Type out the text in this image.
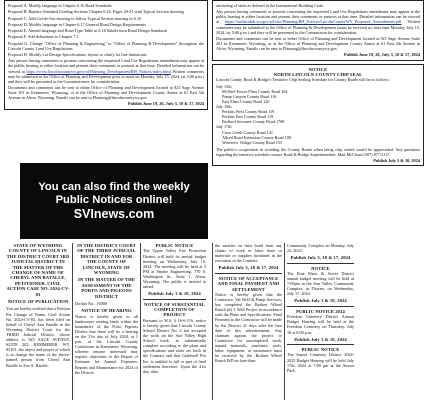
Proposal A. Modify language in Chapter 6.16 Road Standards

Proposal B. Replace Standard Grading Sections Chapter 6.16, Pages 20-21 with Typical Section drawing

Proposal C. Add Cul-de-Sac drawing to follow Typical Section drawing in 6.16

Proposal D. Modify language in Chapter 6.17 General Road Design Requirements

Proposal E. Amend language and Road Type Table in 6.18 Subdivision Road Design Standards

Proposal F. Add definitions to Chapter 7.1

Proposal G. Change "Office of Planning & Engineering" to "Office of Planning & Development" throughout the Lincoln County Land Use Regulations

Proposal H. Modify Lot Design Specifications, layout to clarify lot line limitations

Any person having comments or protests concerning the requested Land Use Regulations amendment may appear at the public hearing at either location and present their comments or protests at that time. Detailed information can be viewed at https://www.lincolncountywy.gov/rol/Planning_Development/RH_Notices/index.html Written comments may be submitted to the Office of Planning and Development prior to noon on Monday, July 15, 2024, (at 5:00 p.m.) and they will be presented to the Commissioners for consideration.

Documents and comments can be sent to either Office of Planning and Development located at 925 Sage Avenue Suite 201 in Kemmerer, Wyoming, or at the Office of Planning and Development County Annex at 61 East 5th Avenue in Afton, Wyoming. Emails can be sent to Planning@lincolncountywy.gov.

Publish June 19, 26, July 3, 10 & 17, 2024

anchoring of units as defined in the International Building Code.

Any person having comments or protests concerning the requested Land Use Regulations amendment may appear at the public hearing at either location and present their comments or protests at that time. Detailed information can be viewed at https://ioslincolnb.wy.gov/rol/site/Planning/RH_Notices/LincolnCountyWY_Proposed_Amendments.pdf Written comments may be submitted to the Office of Planning & Development (must be received no later than Monday, July 15, 2024, by 5:00 p.m.) and they will be presented to the Commission for consideration.

Documents and comments can be sent to either Office of Planning and Development located at 925 Sage Avenue Suite 201 in Kemmerer, Wyoming, or at the Office of Planning and Development County Annex at 61 East 5th Avenue in Afton, Wyoming. Emails can be sent to Planning@lincolncountywy.gov.

Publish June 19, 26, July 3, 10 & 17, 2024
NOTICE
NORTH LINCOLN COUNTY CHIP SEAL

Lincoln County Road & Bridge's Tentative Chip Sealing Schedule for County Roads will be as follows:

July 15th
McNeel Power Plant County Road 104
Pump Canyon County Road 116
East Elms County Road 120
July 16th
Perkins West County Road 119
Perkins East County Road 119
Bedford Sewanee County Road 1768
July 17th
Crow Creek County Road 141
Allred Road Extension County Road 108
Westview Village County Road 153

The public's cooperation in avoiding the County Roads when being chip sealed would be appreciated. Any questions regarding the tentative schedule contact Road & Bridge Superintendent, Matt McCloud (307) 877-2117.

Publish July 3 & 10, 2024
You can also find the weekly
Public Notices online!
SVInews.com
STATE OF WYOMING COUNTY OF LINCOLN IN THE DISTRICT COURT 3RD JUDICIAL DISTRICT IN THE MATTER OF THE CHANGE OF NAME OF CHERYL ANN BATALLE, PETITIONER. CIVIL ACTION CASE NO. 2024-CV-83
NOTICE OF PUBLICATION

You are hereby notified that a Petition For Change of Name, Civil Action No. 2024-CV-83, has been filed on behalf of Cheryl Ann Batalle in the Wyoming District Court for the THIRD Judicial District, whose address is 925 SAGE AVENUE, SUITE 202, KEMMERER, WY, 83101, the object and prayer of which is to change the name of the above-named person from Cheryl Ann Batalle to Zoe A. Batalle.

IN THE DISTRICT COURT OF THE THIRD JUDICIAL DISTRICT IN AND FOR THE COUNTY OF LINCOLN, STATE OF WYOMING
IN THE MATTER OF THE ASSESSMENT OF THE PORTO AND PIGEONS DISTRICT
Docket No.: 16008
NOTICE OF HEARING

Notice is hereby given to all landowners owning lands within the boundaries of the Porto Pigeons District that there will be a hearing on the 31st day of July 2024, at 1 p.m. at the Lincoln County Courthouse in Kemmerer, Wyoming, wherein anyone interested may register objections to the Report of Estimate for Annual Expenses, Repairs and Maintenance for 2024 of the District.

PUBLIC NOTICE

The Upper Valley Fire Protection District will hold its annual budget meeting on Wednesday, July 10, 2024. The meeting will be held at 5 PM at Smoke Engineering, 770 S. Washington St., Suite 1, Afton, Wyoming. The public is invited to attend.

Publish July 3 & 10, 2024
NOTICE OF SUBSTANTIAL COMPLETION OF PROJECT

Pursuant to W.S. § 16-6-116, notice is hereby given that Lincoln County School District No. 2 has accepted the work on the Star Valley High School track, as substantially complete according to the plans and specifications and rules set forth in the Contract and that Guildwell Pro Inc. is entitled to full or part of final settlement therefore. Upon the 41st day, after

the sureties on their bond from any claims of work or labor done or materials or supplies furnished in the execution of the Contract.

Publish July 3, 10 & 17, 2024
NOTICE OF ACCEPTANCE AND FINAL PAYMENT AND SETTLEMENT

Notice is hereby given that the Contractor, Val Wolf & Pump Services, has completed the Broken Wheel Ranch (#1-1 Well Project in accordance with the Plans and Specifications. Final Payment to the Contractor will be made by the District 41 days after the first date of this advertisement. Any claimant against the project or Contractor for uncompleted work, unpaid materials, machines, tools, labor, equipment, or sustenance must be received by the Broken Wheel Ranch ISD no later than

Community Complex on Monday, July 22, 2024.

Publish July 3, 10 & 17, 2024
NOTICE

The Etna Water & Sewer District annual budget meeting will be held at 7:00pm in the Star Valley Community Complex, in Thayne, on Wednesday, July 17, 2024.

Publish July 3 & 10, 2024
PUBLIC NOTICE 2024

Freedom Cemetery District Annual Budget Hearing will be held at the Freedom Cemetery on Thursday, July 18 at 6:00 p.m.

Publish July 3 & 10, 2024
PUBLIC NOTICE

The Smoot Cemetery District 2024-2025 Budget Hearing will be held July 17th, 2024 at 7:00 pm at the Smoot Park.
